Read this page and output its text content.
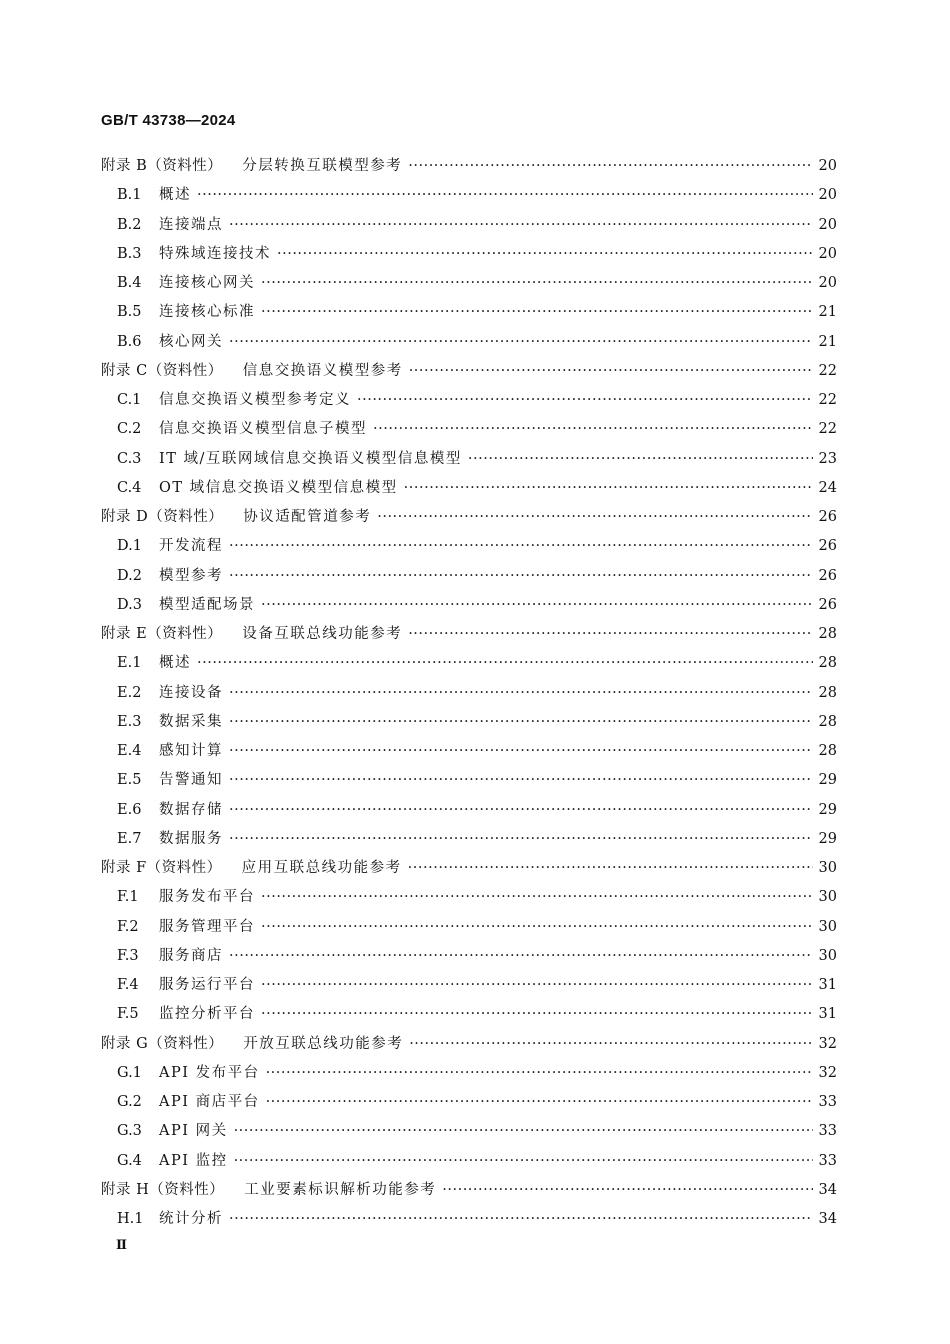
GB/T 43738—2024
附录 B（资料性） 分层转换互联模型参考 ·····	20
B.1	概述 ·····	20
B.2	连接端点 ·····	20
B.3	特殊域连接技术 ·····	20
B.4	连接核心网关 ·····	20
B.5	连接核心标准 ·····	21
B.6	核心网关 ·····	21
附录 C（资料性） 信息交换语义模型参考 ·····	22
C.1	信息交换语义模型参考定义 ·····	22
C.2	信息交换语义模型信息子模型 ·····	22
C.3	IT 域/互联网域信息交换语义模型信息模型 ·····	23
C.4	OT 域信息交换语义模型信息模型 ·····	24
附录 D（资料性） 协议适配管道参考 ·····	26
D.1	开发流程 ·····	26
D.2	模型参考 ·····	26
D.3	模型适配场景 ·····	26
附录 E（资料性） 设备互联总线功能参考 ·····	28
E.1	概述 ·····	28
E.2	连接设备 ·····	28
E.3	数据采集 ·····	28
E.4	感知计算 ·····	28
E.5	告警通知 ·····	29
E.6	数据存储 ·····	29
E.7	数据服务 ·····	29
附录 F（资料性） 应用互联总线功能参考 ·····	30
F.1	服务发布平台 ·····	30
F.2	服务管理平台 ·····	30
F.3	服务商店 ·····	30
F.4	服务运行平台 ·····	31
F.5	监控分析平台 ·····	31
附录 G（资料性） 开放互联总线功能参考 ·····	32
G.1	API 发布平台 ·····	32
G.2	API 商店平台 ·····	33
G.3	API 网关 ·····	33
G.4	API 监控 ·····	33
附录 H（资料性） 工业要素标识解析功能参考 ·····	34
H.1	统计分析 ·····	34
Ⅱ
